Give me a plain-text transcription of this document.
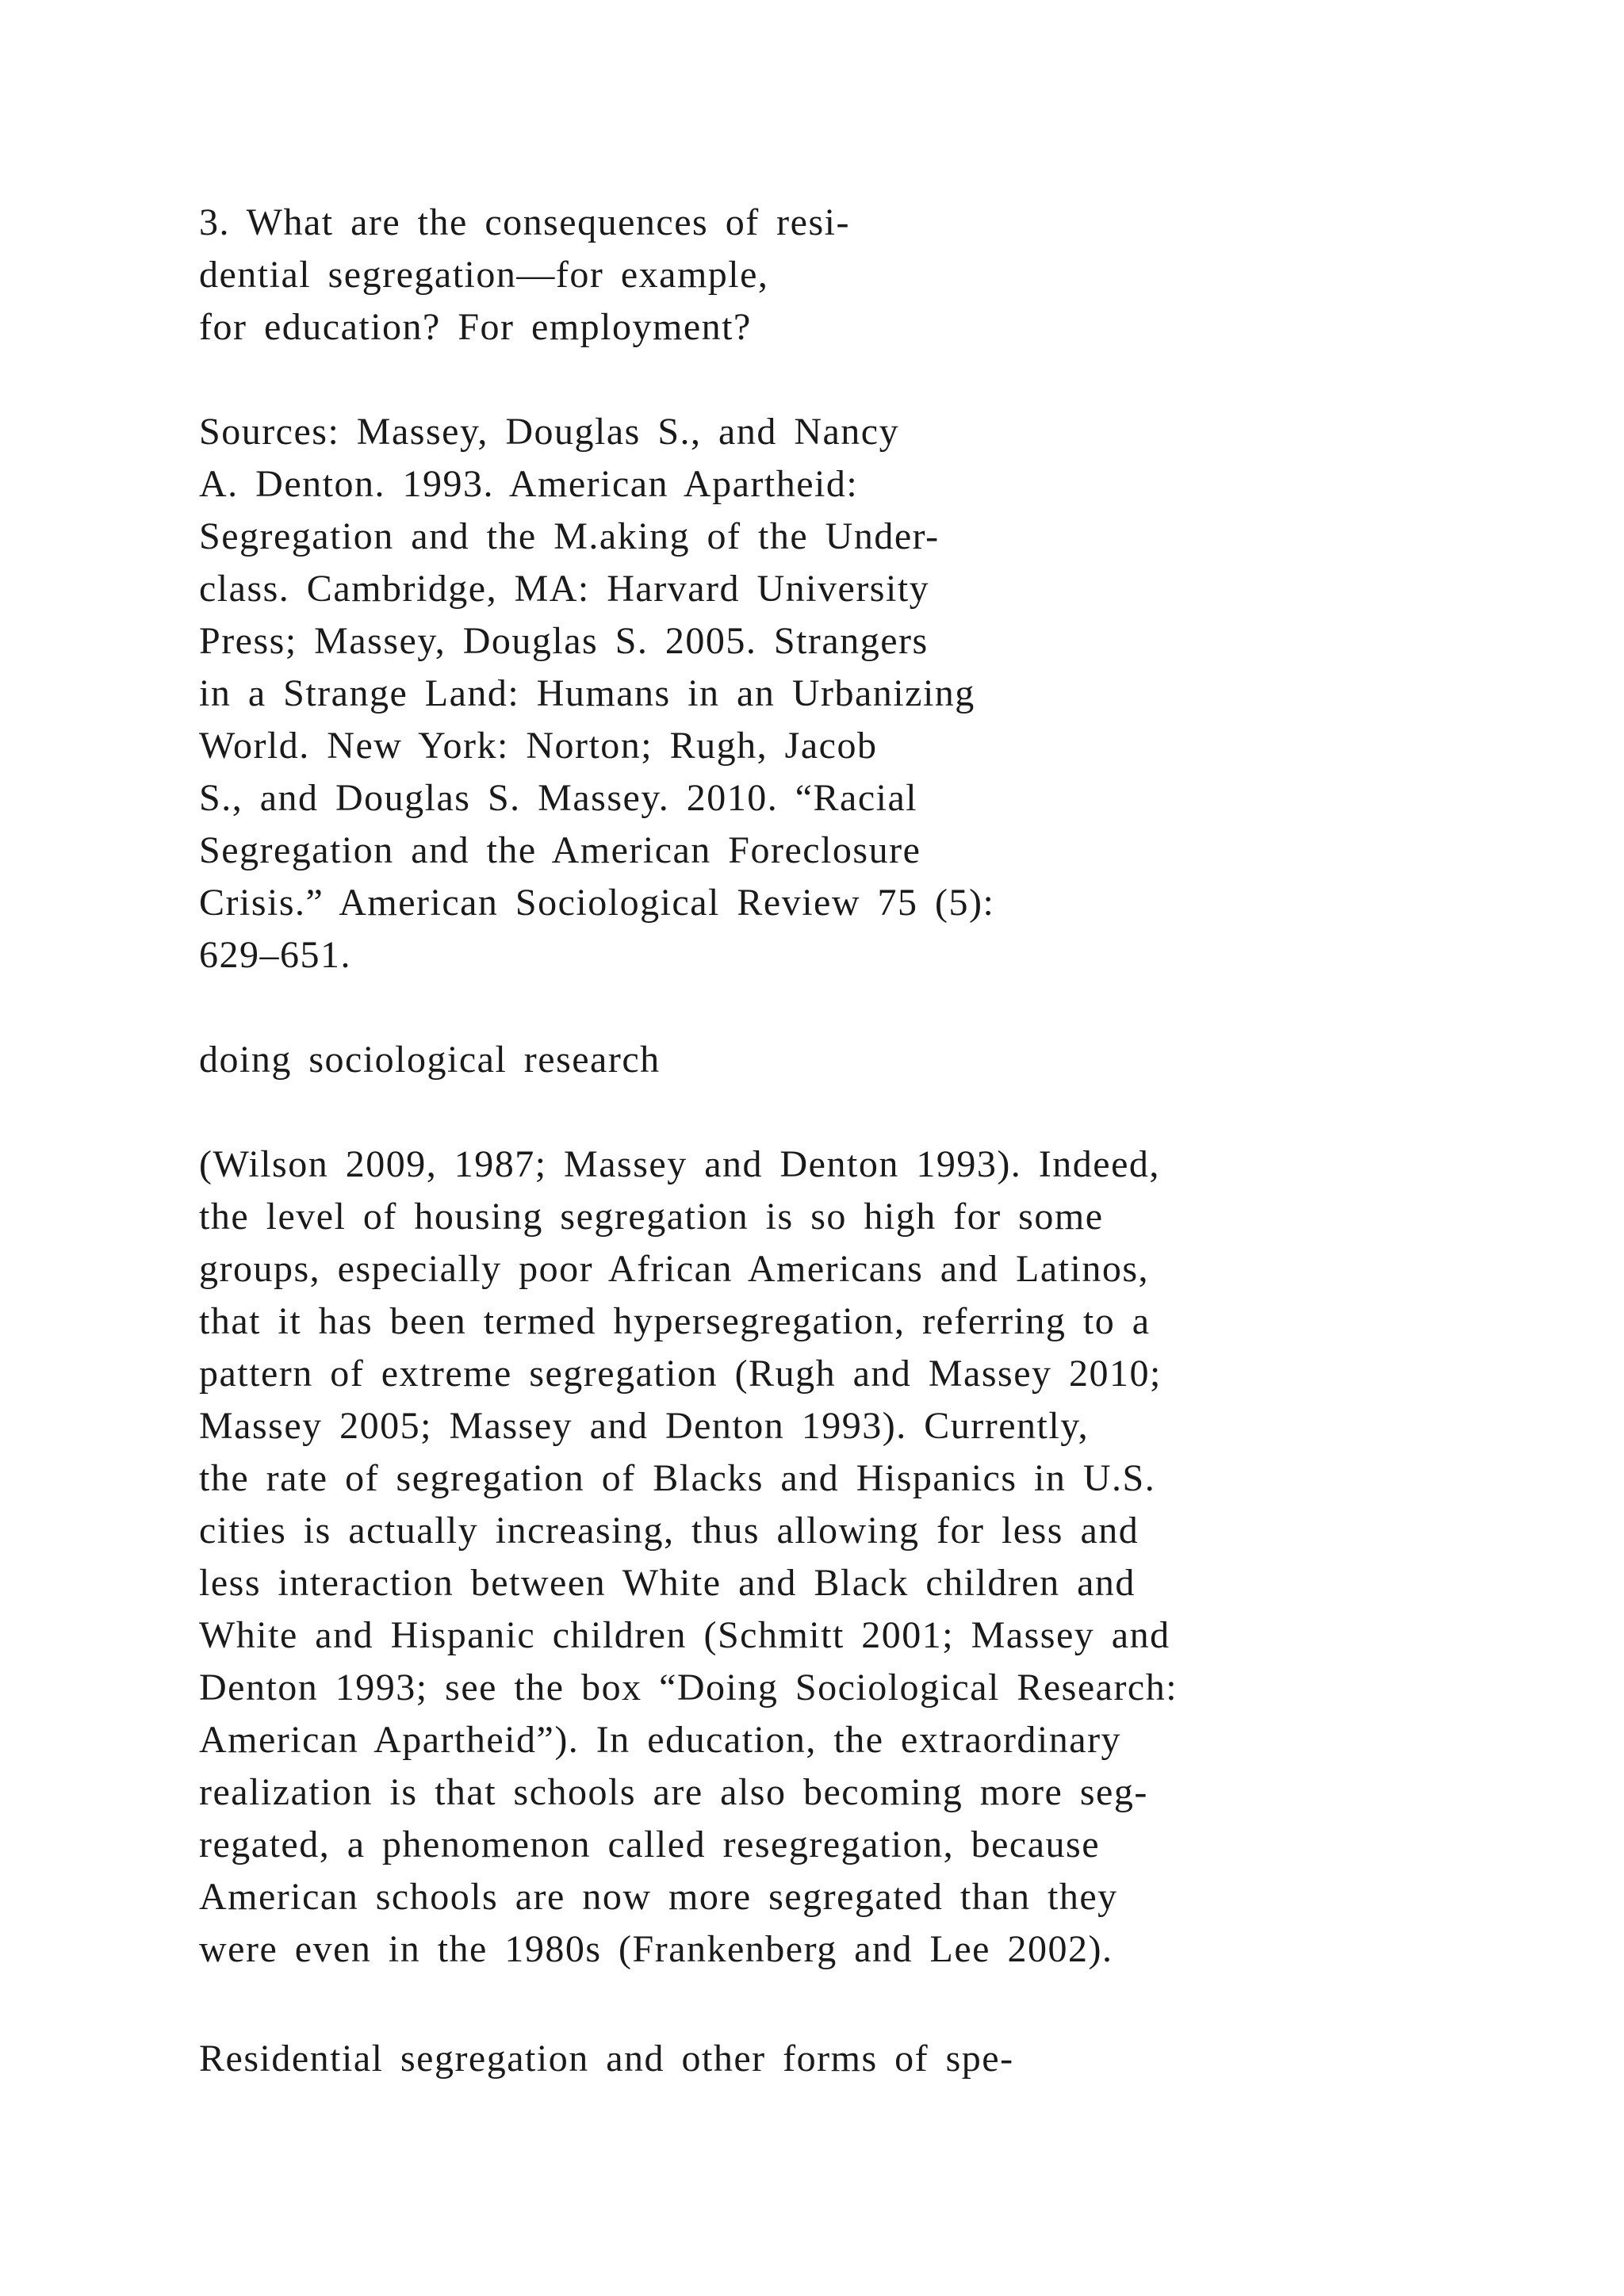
3. What are the consequences of resi-
dential segregation—for example,
for education? For employment?
Sources: Massey, Douglas S., and Nancy
A. Denton. 1993. American Apartheid:
Segregation and the M.aking of the Under-
class. Cambridge, MA: Harvard University
Press; Massey, Douglas S. 2005. Strangers
in a Strange Land: Humans in an Urbanizing
World. New York: Norton; Rugh, Jacob
S., and Douglas S. Massey. 2010. “Racial
Segregation and the American Foreclosure
Crisis.” American Sociological Review 75 (5):
629–651.
doing sociological research
(Wilson 2009, 1987; Massey and Denton 1993). Indeed,
the level of housing segregation is so high for some
groups, especially poor African Americans and Latinos,
that it has been termed hypersegregation, referring to a
pattern of extreme segregation (Rugh and Massey 2010;
Massey 2005; Massey and Denton 1993). Currently,
the rate of segregation of Blacks and Hispanics in U.S.
cities is actually increasing, thus allowing for less and
less interaction between White and Black children and
White and Hispanic children (Schmitt 2001; Massey and
Denton 1993; see the box “Doing Sociological Research:
American Apartheid”). In education, the extraordinary
realization is that schools are also becoming more seg-
regated, a phenomenon called resegregation, because
American schools are now more segregated than they
were even in the 1980s (Frankenberg and Lee 2002).
Residential segregation and other forms of spe-
